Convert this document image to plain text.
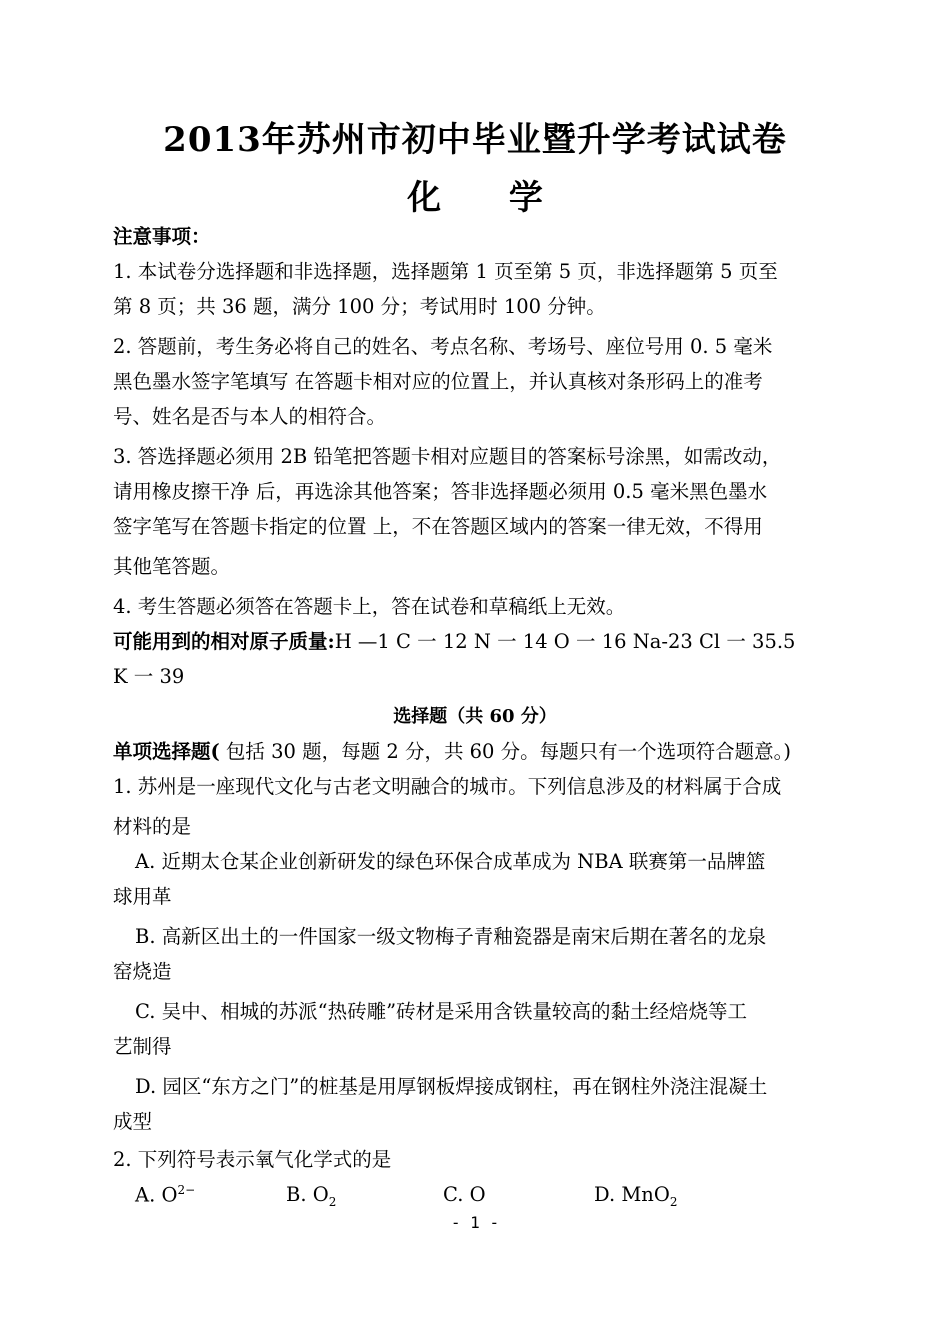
2013年苏州市初中毕业暨升学考试试卷
化 学
注意事项：
1. 本试卷分选择题和非选择题，选择题第 1 页至第 5 页，非选择题第 5 页至
第 8 页；共 36 题，满分 100 分；考试用时 100 分钟。
2. 答题前，考生务必将自己的姓名、考点名称、考场号、座位号用 0. 5 毫米
黑色墨水签字笔填写 在答题卡相对应的位置上，并认真核对条形码上的准考
号、姓名是否与本人的相符合。
3. 答选择题必须用 2B 铅笔把答题卡相对应题目的答案标号涂黑，如需改动，
请用橡皮擦干净 后，再选涂其他答案；答非选择题必须用 0.5 毫米黑色墨水
签字笔写在答题卡指定的位置 上，不在答题区域内的答案一律无效，不得用
其他笔答题。
4. 考生答题必须答在答题卡上，答在试卷和草稿纸上无效。
可能用到的相对原子质量:H —1 C 一 12 N 一 14 O 一 16 Na-23 Cl 一 35.5
K 一 39
选择题（共 60 分）
单项选择题( 包括 30 题，每题 2 分，共 60 分。每题只有一个选项符合题意。)
1. 苏州是一座现代文化与古老文明融合的城市。下列信息涉及的材料属于合成
材料的是
A. 近期太仓某企业创新研发的绿色环保合成革成为 NBA 联赛第一品牌篮
球用革
B. 高新区出土的一件国家一级文物梅子青釉瓷器是南宋后期在著名的龙泉
窑烧造
C. 吴中、相城的苏派“热砖雕”砖材是采用含铁量较高的黏土经焙烧等工
艺制得
D. 园区“东方之门”的桩基是用厚钢板焊接成钢柱，再在钢柱外浇注混凝土
成型
2. 下列符号表示氧气化学式的是
A. $O^{2-}$	B. $O_2$	C. O	D. MnO$_2$
- 1 -
